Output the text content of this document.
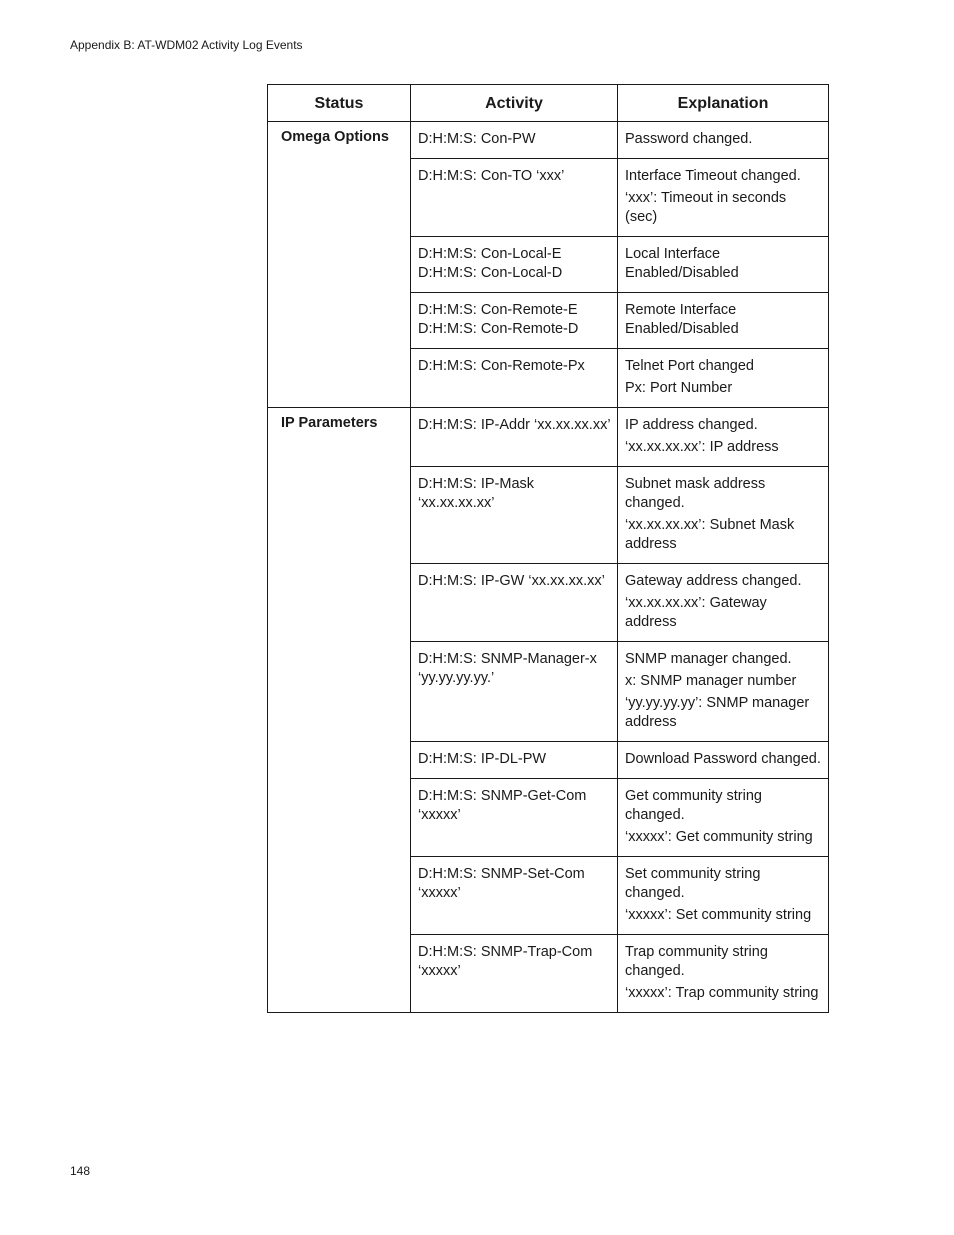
Appendix B: AT-WDM02 Activity Log Events
Status	Activity	Explanation
Omega Options	D:H:M:S: Con-PW	Password changed.

	D:H:M:S: Con-TO ‘xxx’	Interface Timeout changed.
‘xxx’: Timeout in seconds (sec)

	D:H:M:S: Con-Local-E
D:H:M:S: Con-Local-D	Local Interface Enabled/Disabled

	D:H:M:S: Con-Remote-E
D:H:M:S: Con-Remote-D	Remote Interface Enabled/Disabled

	D:H:M:S: Con-Remote-Px	Telnet Port changed
Px: Port Number

IP Parameters	D:H:M:S: IP-Addr ‘xx.xx.xx.xx’	IP address changed.
‘xx.xx.xx.xx’: IP address

	D:H:M:S: IP-Mask ‘xx.xx.xx.xx’	Subnet mask address changed.
‘xx.xx.xx.xx’: Subnet Mask address

	D:H:M:S: IP-GW ‘xx.xx.xx.xx’	Gateway address changed.
‘xx.xx.xx.xx’: Gateway address

	D:H:M:S: SNMP-Manager-x ‘yy.yy.yy.yy.’	SNMP manager changed.
x: SNMP manager number
‘yy.yy.yy.yy’: SNMP manager address

	D:H:M:S: IP-DL-PW	Download Password changed.

	D:H:M:S: SNMP-Get-Com ‘xxxxx’	Get community string changed.
‘xxxxx’: Get community string

	D:H:M:S: SNMP-Set-Com ‘xxxxx’	Set community string changed.
‘xxxxx’: Set community string

	D:H:M:S: SNMP-Trap-Com ‘xxxxx’	Trap community string changed.
‘xxxxx’: Trap community string
148
